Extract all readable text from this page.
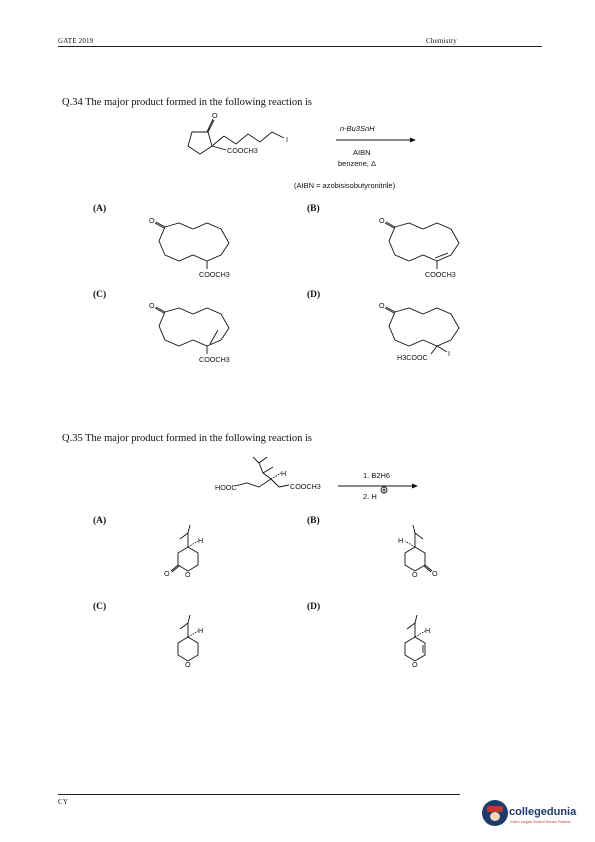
GATE 2019	Chemistry
Q.34 The major product formed in the following reaction is
O
COOCH3
I
n-Bu3SnH
AIBN
benzene, Δ
(AIBN = azobisisobutyronitrile)
(A)	(B)
(C)	(D)
O
COOCH3
O
COOCH3
O
COOCH3
O
H3COOC	I
Q.35 The major product formed in the following reaction is
HOOC
H
COOCH3
1. B2H6
2. H
(A)	(B)
(C)	(D)
H
O O
H
O
O
H
O
H
O
CY
collegedunia
India's Largest Student Review Platform
